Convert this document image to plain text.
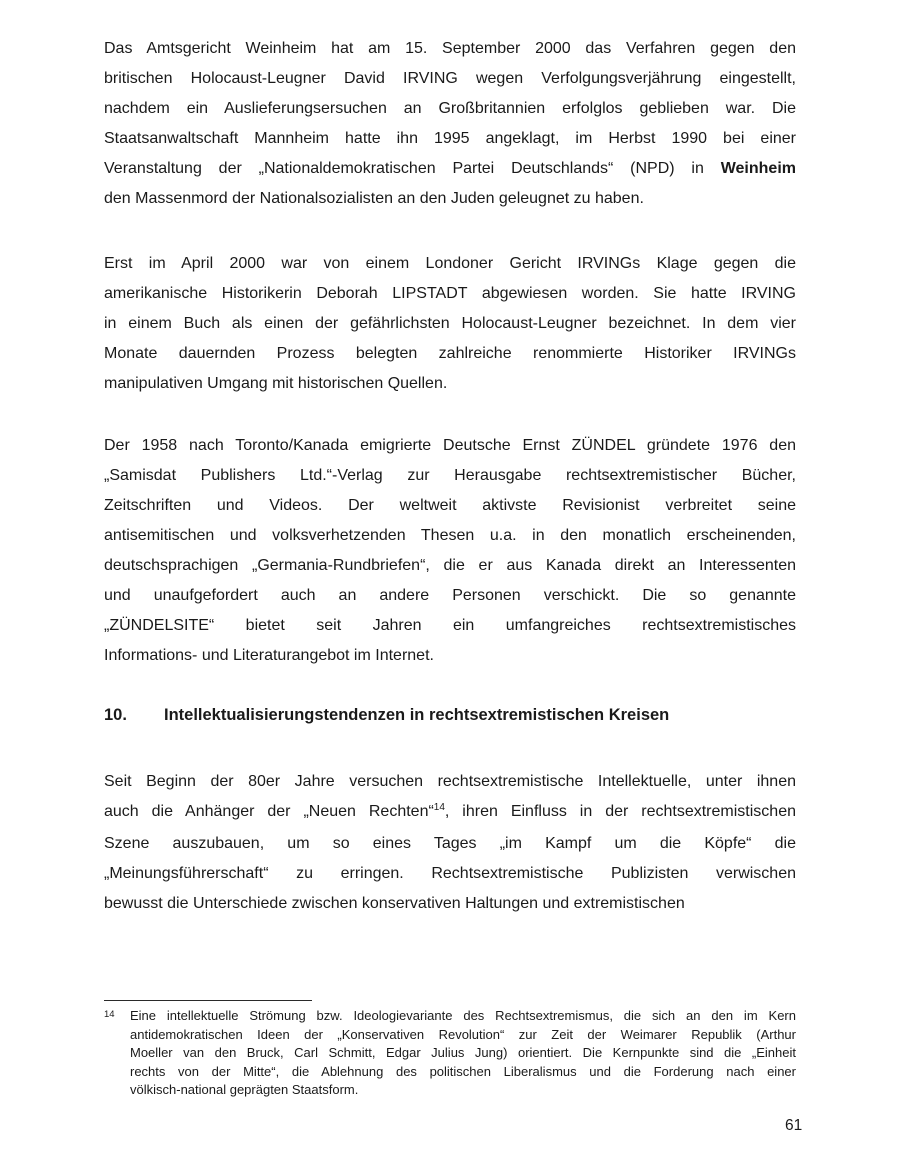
Das Amtsgericht Weinheim hat am 15. September 2000 das Verfahren gegen den
britischen Holocaust-Leugner David IRVING wegen Verfolgungsverjährung eingestellt,
nachdem ein Auslieferungsersuchen an Großbritannien erfolglos geblieben war. Die
Staatsanwaltschaft Mannheim hatte ihn 1995 angeklagt, im Herbst 1990 bei einer
Veranstaltung der „Nationaldemokratischen Partei Deutschlands“ (NPD) in Weinheim
den Massenmord der Nationalsozialisten an den Juden geleugnet zu haben.
Erst im April 2000 war von einem Londoner Gericht IRVINGs Klage gegen die
amerikanische Historikerin Deborah LIPSTADT abgewiesen worden. Sie hatte IRVING
in einem Buch als einen der gefährlichsten Holocaust-Leugner bezeichnet. In dem vier
Monate dauernden Prozess belegten zahlreiche renommierte Historiker IRVINGs
manipulativen Umgang mit historischen Quellen.
Der 1958 nach Toronto/Kanada emigrierte Deutsche Ernst ZÜNDEL gründete 1976 den
„Samisdat Publishers Ltd.“-Verlag zur Herausgabe rechtsextremistischer Bücher,
Zeitschriften und Videos. Der weltweit aktivste Revisionist verbreitet seine
antisemitischen und volksverhetzenden Thesen u.a. in den monatlich erscheinenden,
deutschsprachigen „Germania-Rundbriefen“, die er aus Kanada direkt an Interessenten
und unaufgefordert auch an andere Personen verschickt. Die so genannte
„ZÜNDELSITE“ bietet seit Jahren ein umfangreiches rechtsextremistisches
Informations- und Literaturangebot im Internet.
10.	Intellektualisierungstendenzen in rechtsextremistischen Kreisen
Seit Beginn der 80er Jahre versuchen rechtsextremistische Intellektuelle, unter ihnen
auch die Anhänger der „Neuen Rechten“$^{14}$, ihren Einfluss in der rechtsextremistischen
Szene auszubauen, um so eines Tages „im Kampf um die Köpfe“ die
„Meinungsführerschaft“ zu erringen. Rechtsextremistische Publizisten verwischen
bewusst die Unterschiede zwischen konservativen Haltungen und extremistischen
14	Eine intellektuelle Strömung bzw. Ideologievariante des Rechtsextremismus, die sich an den im Kern
antidemokratischen Ideen der „Konservativen Revolution“ zur Zeit der Weimarer Republik (Arthur
Moeller van den Bruck, Carl Schmitt, Edgar Julius Jung) orientiert. Die Kernpunkte sind die „Einheit
rechts von der Mitte“, die Ablehnung des politischen Liberalismus und die Forderung nach einer
völkisch-national geprägten Staatsform.
61
